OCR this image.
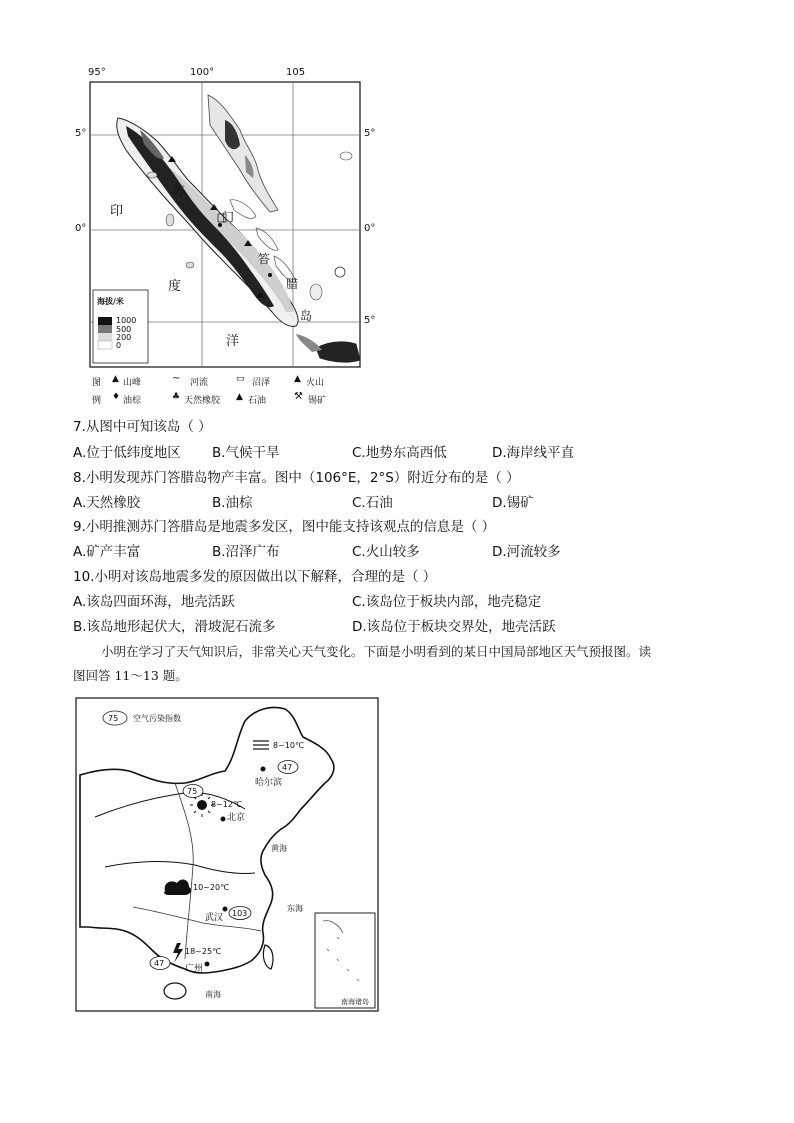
95°	100°	105
5°
0°
5°
0°
5°
苏
门
答
腊
岛
印
度
洋
海拔/米
1000
500
200
0
图
例
▲ 山峰	∼ 河流	▭ 沼泽	▲ 火山
♦ 油棕	♣ 天然橡胶 ▲ 石油	⚒ 锡矿
7.从图中可知该岛（ ）
A.位于低纬度地区 B.气候干旱	C.地势东高西低	D.海岸线平直
8.小明发现苏门答腊岛物产丰富。图中（106°E，2°S）附近分布的是（ ）
A.天然橡胶	B.油棕	C.石油	D.锡矿
9.小明推测苏门答腊岛是地震多发区，图中能支持该观点的信息是（ ）
A.矿产丰富	B.沼泽广布	C.火山较多	D.河流较多
10.小明对该岛地震多发的原因做出以下解释，合理的是（ ）
A.该岛四面环海，地壳活跃	C.该岛位于板块内部，地壳稳定
B.该岛地形起伏大，滑坡泥石流多	D.该岛位于板块交界处，地壳活跃
小明在学习了天气知识后，非常关心天气变化。下面是小明看到的某日中国局部地区天气预报图。读
图回答 11～13 题。
75 空气污染指数
8~10℃
47
哈尔滨
75
8~12℃
北京
黄海
东海
南海
10~20℃
武汉 103
18~25℃
47
广州
南海诸岛
